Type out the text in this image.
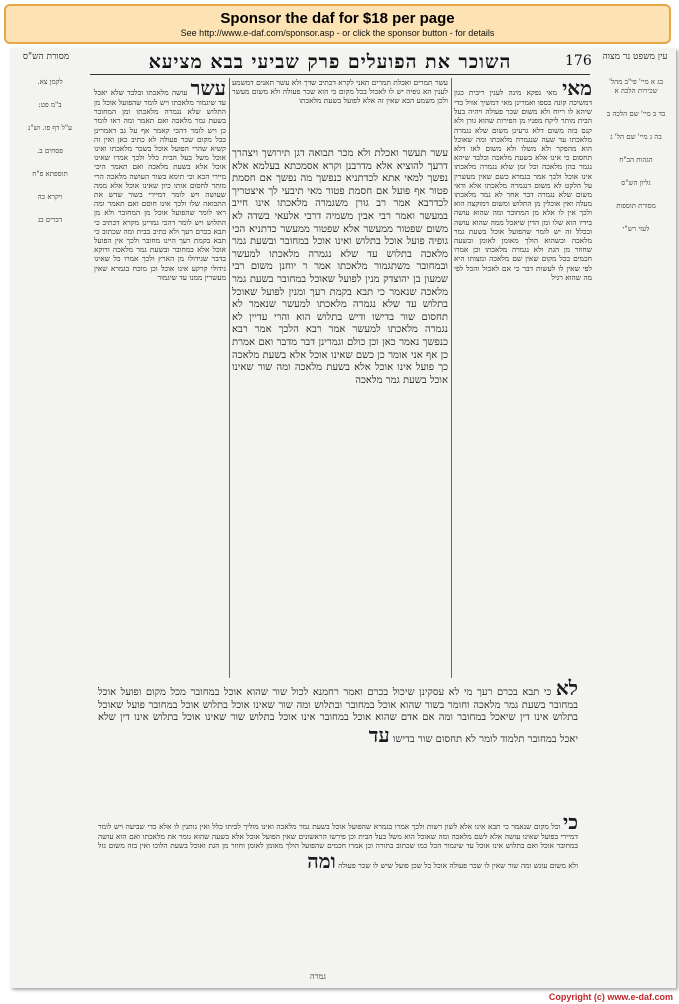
Sponsor the daf for $18 per page
See http://www.e-daf.com/sponsor.asp - or click the sponsor button - for details
מסורת הש"ס	השוכר את הפועלים פרק שביעי בבא מציעא	176 עין משפט נר מצוה

לקמן צא.

ב"מ פט:

ע"ל דף פו. וש"נ

פסחים ב.

תוספתא פ"ח

ויקרא כה

דברים כג

עשר עושה מלאכתו ובלבד שלא יאכל עד שיגמור מלאכתו ויש לומר שהפועל אוכל מן התלוש שלא נגמרה מלאכתו ומן המחובר בשעת גמר מלאכה ואם תאמר ומה ראו לומר כן ויש לומר דהכי קאמר אף על גב דאמרינן בכל מקום שכר פעולה לא כתיב כאן ואין זה קשיא שהרי הפועל אוכל בשכר מלאכתו ואינו אוכל משל בעל הבית כלל ולכך אמרו שאינו אוכל אלא בשעת מלאכה ואם תאמר היכי מיירי הכא וכי תימא בשור העושה מלאכה הרי מותר לחסום אותו כיון שאינו אוכל אלא ממה שעושה ויש לומר דמיירי בשור שדש את התבואה שלו ולכך אינו חוסם ואם תאמר ומה ראו לומר שהפועל אוכל מן המחובר ולא מן התלוש ויש לומר דהכי גמרינן מקרא דכתיב כי תבא בכרם רעך ולא כתיב בבית ומה שכתוב כי תבא בקמת רעך היינו מחובר ולכך אין הפועל אוכל אלא במחובר ובשעת גמר מלאכה ודוקא בדבר שגידולו מן הארץ ולכך אמרו כל שאינו גידולי קרקע אינו אוכל וכן מוכח בגמרא שאין מעשרין ממנו עד שיגמור

עשר תמרים ואכלת תמרים תאני לקרא דכתיב שדך ולא עשר תאנים דמשמע לענין הא גופיה יש לו לאכול בכל מקום כי הוא שכר פעולה ולא משום מעשר ולכן משמע הכא שאין זה אלא לפועל בשעת מלאכתו

עשר תעשר ואכלת ולא מכר תבואה דגן תירושך ויצהרך דרעך להוציא אלא מדרבנן וקרא אסמכתא בעלמא אלא נפשך למאי אתא לכדתניא כנפשך מה נפשך אם חסמת פטור אף פועל אם חסמת פטור מאי תיבעי לך איצטריך לכדרבא אמר רב גורן משגמרה מלאכתו אינו חייב במעשר ואמר רבי אבין משמיה דרבי אלעאי בשדה לא משום שפטור ממעשר אלא שפטור ממעשר כדתניא הכי גופיה פועל אוכל בתלוש ואינו אוכל במחובר ובשעת גמר מלאכה בתלוש עד שלא נגמרה מלאכתו למעשר ובמחובר משתגמור מלאכתו אמר ר יוחנן משום רבי שמעון בן יהוצדק מנין לפועל שאוכל במחובר בשעת גמר מלאכה שנאמר כי תבא בקמת רעך ומנין לפועל שאוכל בתלוש עד שלא נגמרה מלאכתו למעשר שנאמר לא תחסום שור בדישו ודיש בתלוש הוא והרי עדיין לא נגמרה מלאכתו למעשר אמר רבא הלכך אמר רבא כנפשך נאמר כאן וכן כולם וגמרינן דבר מדבר ואם אמרת כן אף אני אומר כן כשם שאינו אוכל אלא בשעת מלאכה כך פועל אינו אוכל אלא בשעת מלאכה ומה שור שאינו אוכל בשעת גמר מלאכה

מאי מאי נפקא מינה לענין ריבית כגון דמשיכה קונה כספו ואמרינן מאי דמשיך אזיל כדי שיהא לו ריוח ולא משום שכר פעולה ויהיה בעל הבית מותר ליקח מפניו מן הפירות שהוא גורן ולא קנס בזה משום דלא גרעינן משום שלא נגמרה מלאכתו עד שעה שנגמרה מלאכתו ומה שאוכל הוא מהפקר ולא משלו ולא משום לאו דלא תחסום כי אינו אלא בשעת מלאכה ובלבד שיהא נגמר בהן מלאכה וכל זמן שלא נגמרה מלאכתו אינו אוכל ולכך אמר בגמרא כשם שאין מעשרין על הלקט לא משום דנגמרה מלאכתו אלא ודאי משום שלא נגמרה דבר אחר לא גמר מלאכתו מעלה ואין אוכלין מן התלוש ומשום דמוקצה הוא ולכך אין לו אלא מן המחובר ומה שהוא עושה בידיו הוא שלו ומן הדין שיאכל ממה שהוא עושה ובכלל זה יש לומר שהפועל אוכל בשעת גמר מלאכה וכשהוא הולך מאומן לאומן ובשעה שחוזר מן הגת ולא נגמרה מלאכתו וכן אמרו חכמים בכל מקום שאין שם מלאכה ומצותו היא לפי שאין לו לעשות דבר כי אם לאכול והכל לפי מה שהוא רגיל

בג א מיי' פי"ב מהל' שכירות הלכה א

בד ב מיי' שם הלכה ב

בה ג מיי' שם הל' ג

הגהות הב"ח

גליון הש"ס

מסורת תוספות

לעזי רש"י

לא כי תבא בכרם רעך מי לא עסקינן שיכול בכרם ואמר רחמנא לכול שור שהוא אוכל במחובר מכל מקום ופועל אוכל במחובר בשעת גמר מלאכה וחומר בשור שהוא אוכל במחובר ובתלוש ומה שור שאינו אוכל בתלוש אוכל במחובר פועל שאוכל בתלוש אינו דין שיאכל במחובר ומה אם אדם שהוא אוכל במחובר אינו אוכל בתלוש שור שאינו אוכל בתלוש אינו דין שלא יאכל במחובר תלמוד לומר לא תחסום שור בדישו עד

כי וכל מקום שנאמר כי תבא אינו אלא לשון רשות ולכך אמרו בגמרא שהפועל אוכל בשעת גמר מלאכה ואינו מוליך לביתו כלל ואין נותנין לו אלא כדי שביעה ויש לומר דמיירי בפועל שאינו עושה אלא לשם מלאכה ומה שאוכל הוא משל בעל הבית וכן פירשו הראשונים שאין הפועל אוכל אלא בשעה שהוא גומר את מלאכתו ואם הוא עושה במחובר אוכל ואם בתלוש אינו אוכל עד שיגמור הכל כמו שכתוב בתורה וכן אמרו חכמים שהפועל הולך מאומן לאומן וחוזר מן הגת ואוכל בשעת הלוכו ואין בזה משום גזל ולא משום עונש ומה שור שאין לו שכר פעולה אוכל כל שכן פועל שיש לו שכר פעולה ומה

גמרה
Copyright (c) www.e-daf.com
